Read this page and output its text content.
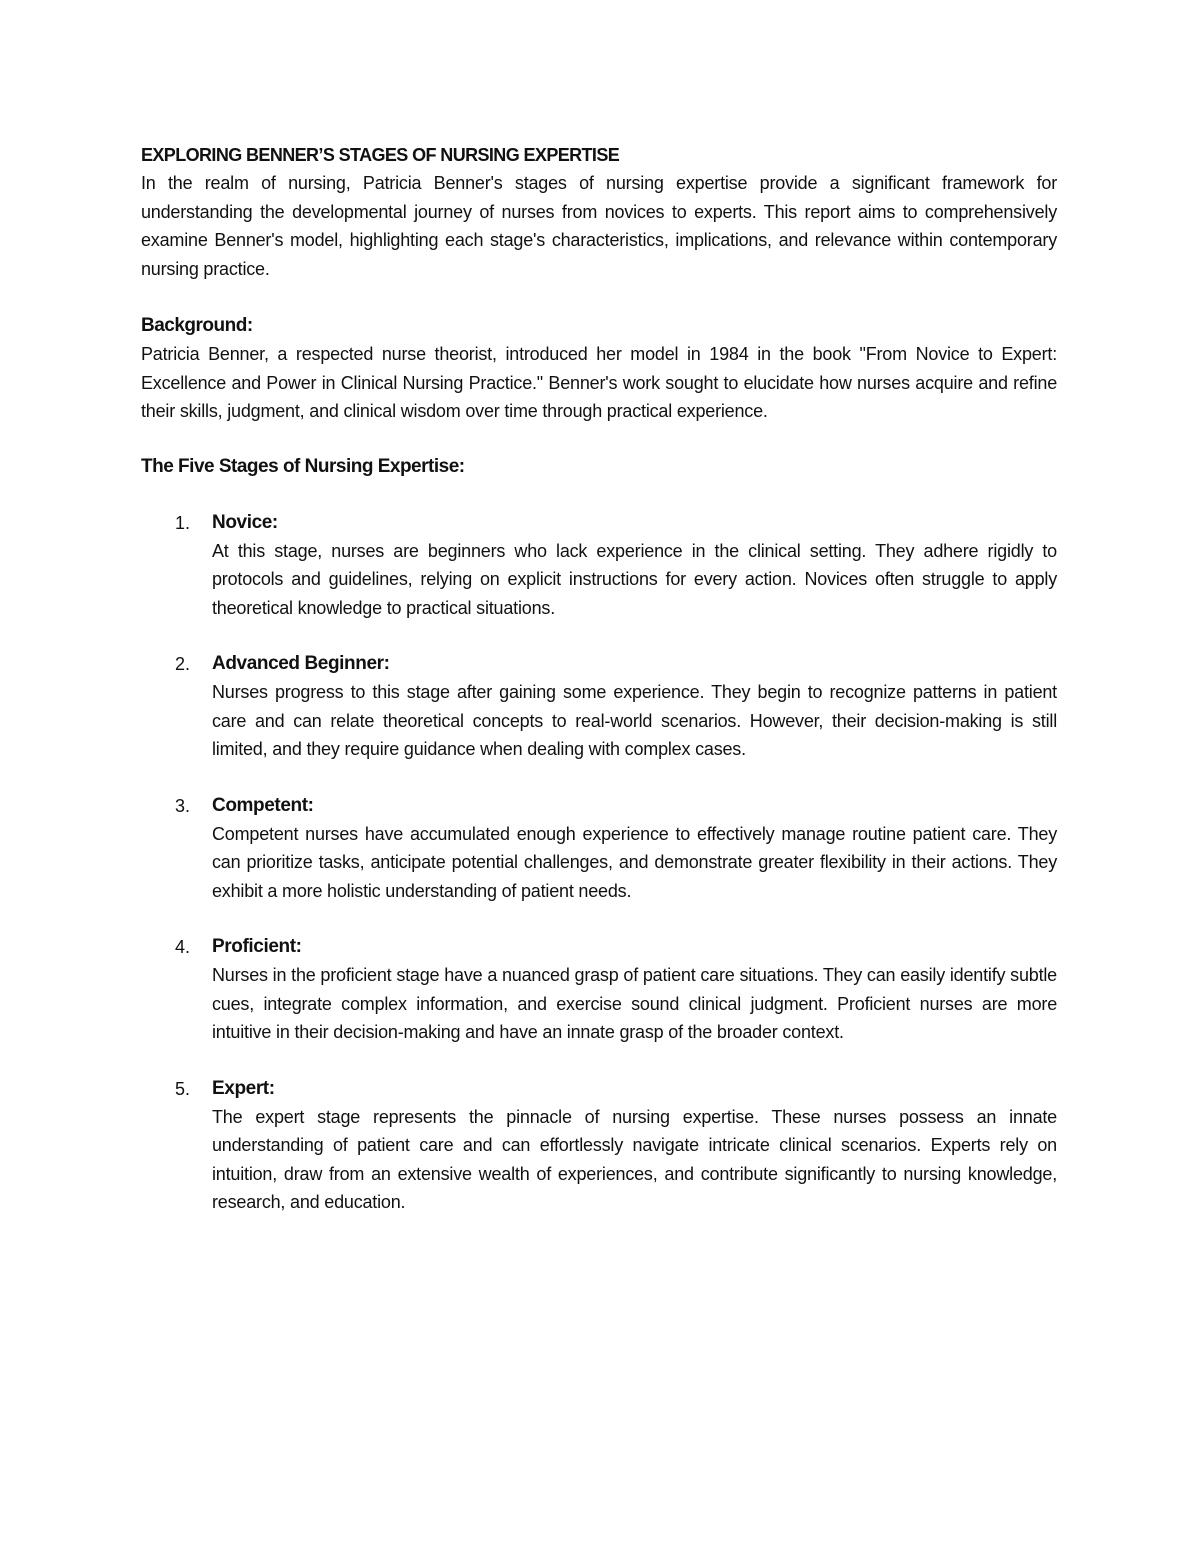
EXPLORING BENNER’S STAGES OF NURSING EXPERTISE

In the realm of nursing, Patricia Benner's stages of nursing expertise provide a significant framework for understanding the developmental journey of nurses from novices to experts. This report aims to comprehensively examine Benner's model, highlighting each stage's characteristics, implications, and relevance within contemporary nursing practice.

Background:

Patricia Benner, a respected nurse theorist, introduced her model in 1984 in the book "From Novice to Expert: Excellence and Power in Clinical Nursing Practice." Benner's work sought to elucidate how nurses acquire and refine their skills, judgment, and clinical wisdom over time through practical experience.

The Five Stages of Nursing Expertise:
1. Novice:

At this stage, nurses are beginners who lack experience in the clinical setting. They adhere rigidly to protocols and guidelines, relying on explicit instructions for every action. Novices often struggle to apply theoretical knowledge to practical situations.

2. Advanced Beginner:

Nurses progress to this stage after gaining some experience. They begin to recognize patterns in patient care and can relate theoretical concepts to real-world scenarios. However, their decision-making is still limited, and they require guidance when dealing with complex cases.

3. Competent:

Competent nurses have accumulated enough experience to effectively manage routine patient care. They can prioritize tasks, anticipate potential challenges, and demonstrate greater flexibility in their actions. They exhibit a more holistic understanding of patient needs.

4. Proficient:

Nurses in the proficient stage have a nuanced grasp of patient care situations. They can easily identify subtle cues, integrate complex information, and exercise sound clinical judgment. Proficient nurses are more intuitive in their decision-making and have an innate grasp of the broader context.

5. Expert:

The expert stage represents the pinnacle of nursing expertise. These nurses possess an innate understanding of patient care and can effortlessly navigate intricate clinical scenarios. Experts rely on intuition, draw from an extensive wealth of experiences, and contribute significantly to nursing knowledge, research, and education.
